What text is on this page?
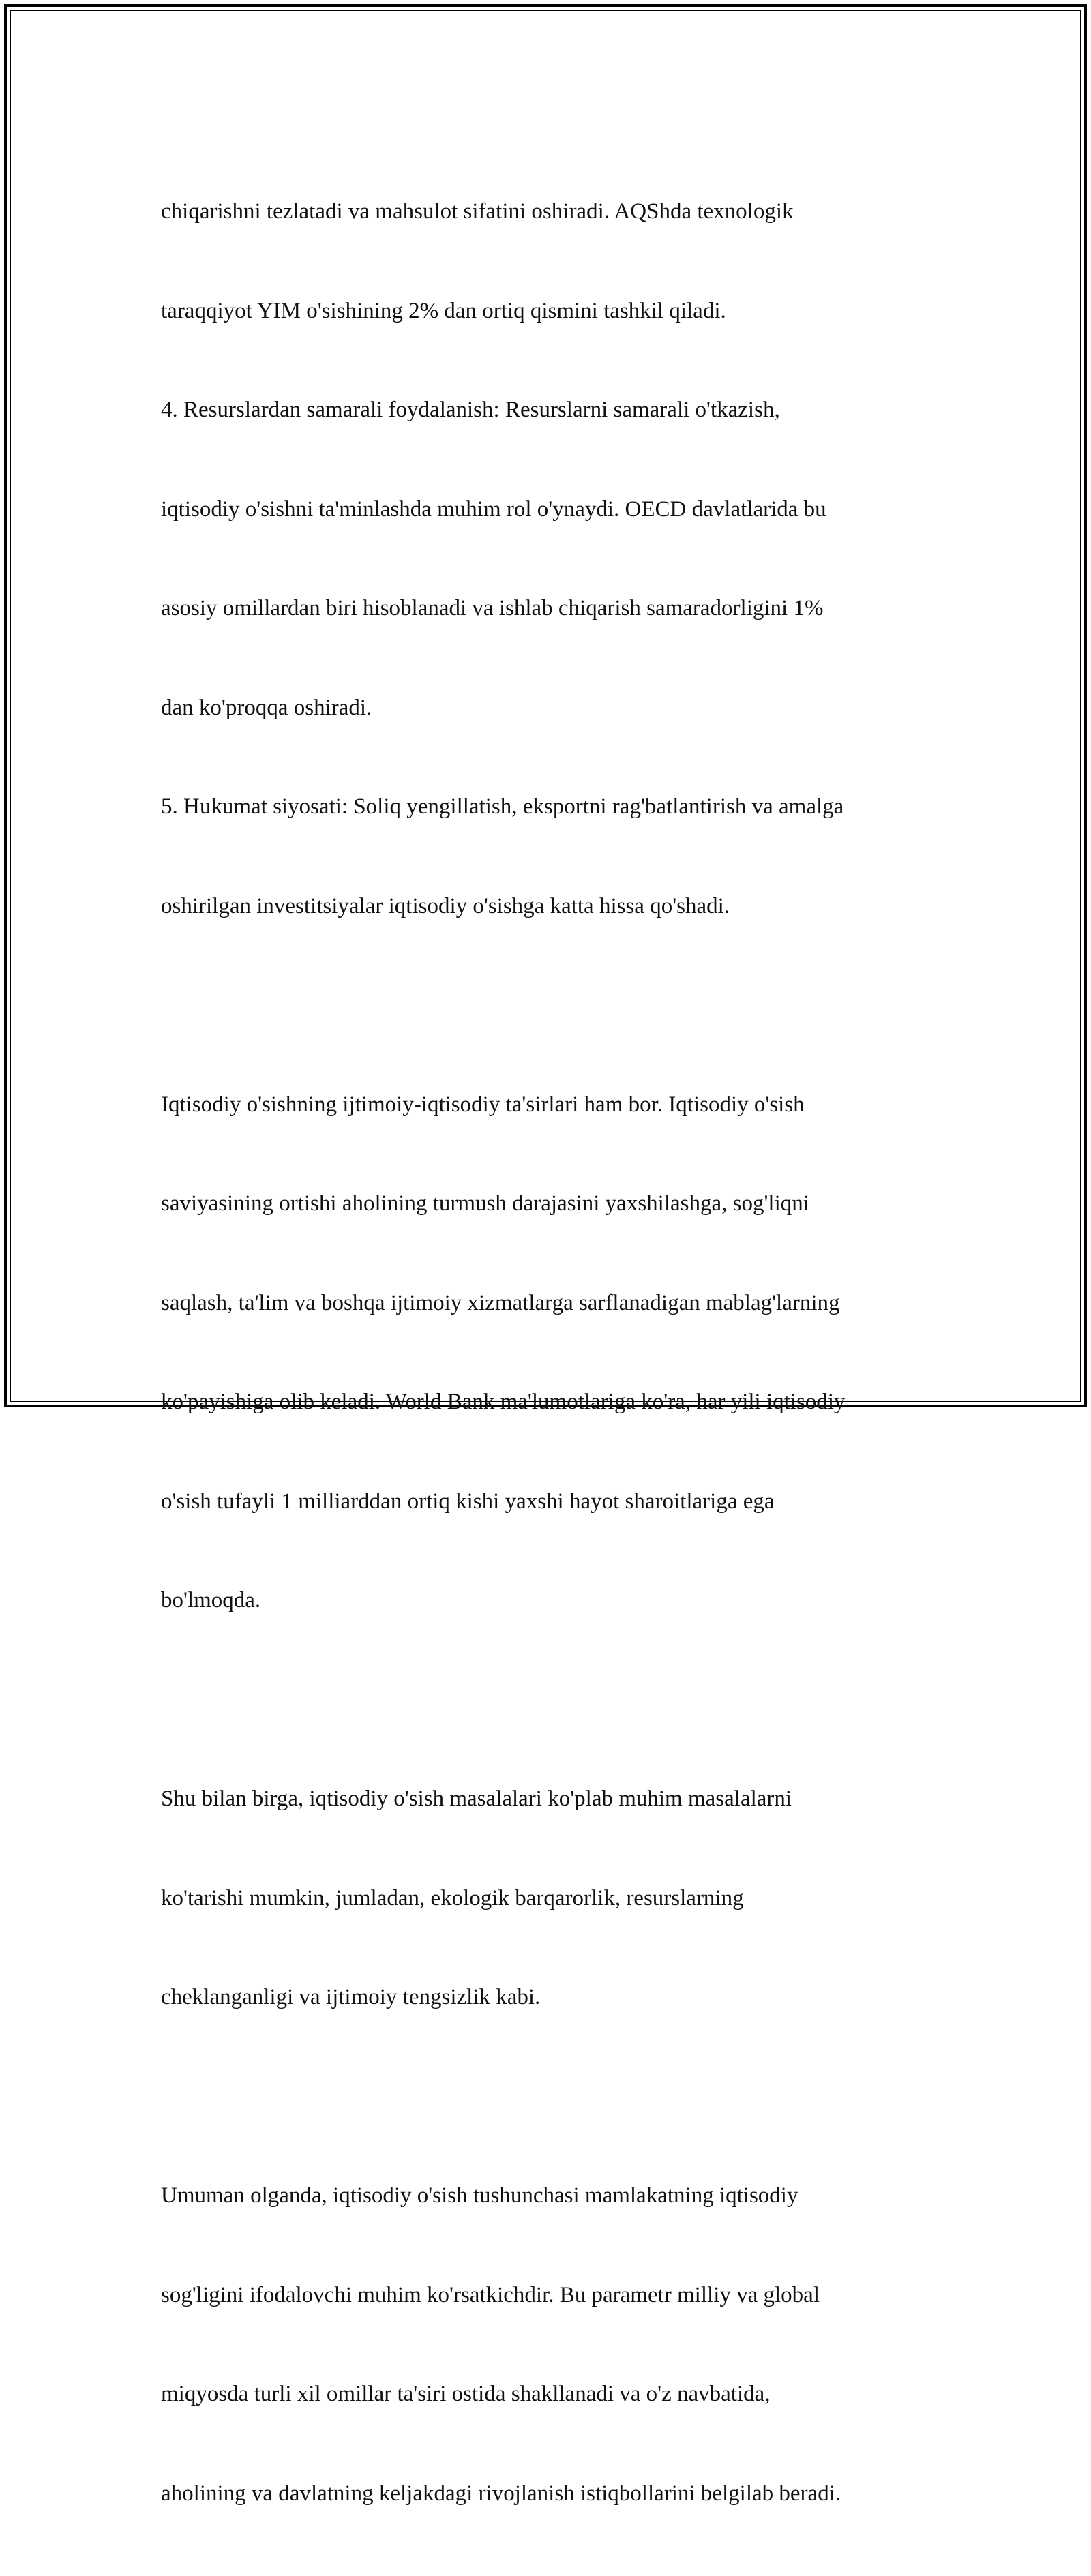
chiqarishni tezlatadi va mahsulot sifatini oshiradi. AQShda texnologik

taraqqiyot YIM o'sishining 2% dan ortiq qismini tashkil qiladi.

4. Resurslardan samarali foydalanish: Resurslarni samarali o'tkazish,

iqtisodiy o'sishni ta'minlashda muhim rol o'ynaydi. OECD davlatlarida bu

asosiy omillardan biri hisoblanadi va ishlab chiqarish samaradorligini 1%

dan ko'proqqa oshiradi.

5. Hukumat siyosati: Soliq yengillatish, eksportni rag'batlantirish va amalga

oshirilgan investitsiyalar iqtisodiy o'sishga katta hissa qo'shadi.

Iqtisodiy o'sishning ijtimoiy-iqtisodiy ta'sirlari ham bor. Iqtisodiy o'sish

saviyasining ortishi aholining turmush darajasini yaxshilashga, sog'liqni

saqlash, ta'lim va boshqa ijtimoiy xizmatlarga sarflanadigan mablag'larning

ko'payishiga olib keladi. World Bank ma'lumotlariga ko'ra, har yili iqtisodiy

o'sish tufayli 1 milliarddan ortiq kishi yaxshi hayot sharoitlariga ega

bo'lmoqda.

Shu bilan birga, iqtisodiy o'sish masalalari ko'plab muhim masalalarni

ko'tarishi mumkin, jumladan, ekologik barqarorlik, resurslarning

cheklanganligi va ijtimoiy tengsizlik kabi.

Umuman olganda, iqtisodiy o'sish tushunchasi mamlakatning iqtisodiy

sog'ligini ifodalovchi muhim ko'rsatkichdir. Bu parametr milliy va global

miqyosda turli xil omillar ta'siri ostida shakllanadi va o'z navbatida,

aholining va davlatning keljakdagi rivojlanish istiqbollarini belgilab beradi.
